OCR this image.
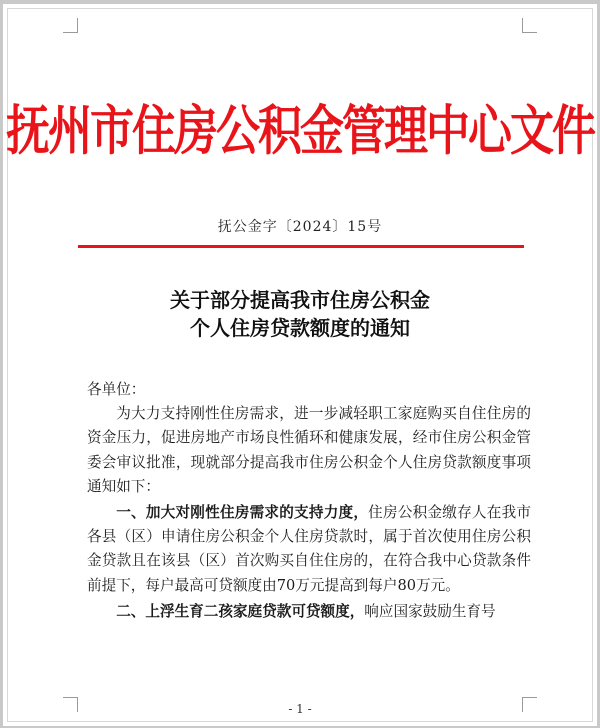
抚州市住房公积金管理中心文件
抚公金字〔2024〕15号
关于部分提高我市住房公积金
个人住房贷款额度的通知

各单位：

为大力支持刚性住房需求，进一步减轻职工家庭购买自住住房的资金压力，促进房地产市场良性循环和健康发展，经市住房公积金管委会审议批准，现就部分提高我市住房公积金个人住房贷款额度事项通知如下：

一、加大对刚性住房需求的支持力度，住房公积金缴存人在我市各县（区）申请住房公积金个人住房贷款时，属于首次使用住房公积金贷款且在该县（区）首次购买自住住房的，在符合我中心贷款条件前提下，每户最高可贷额度由70万元提高到每户80万元。

二、上浮生育二孩家庭贷款可贷额度，响应国家鼓励生育号

- 1 -
